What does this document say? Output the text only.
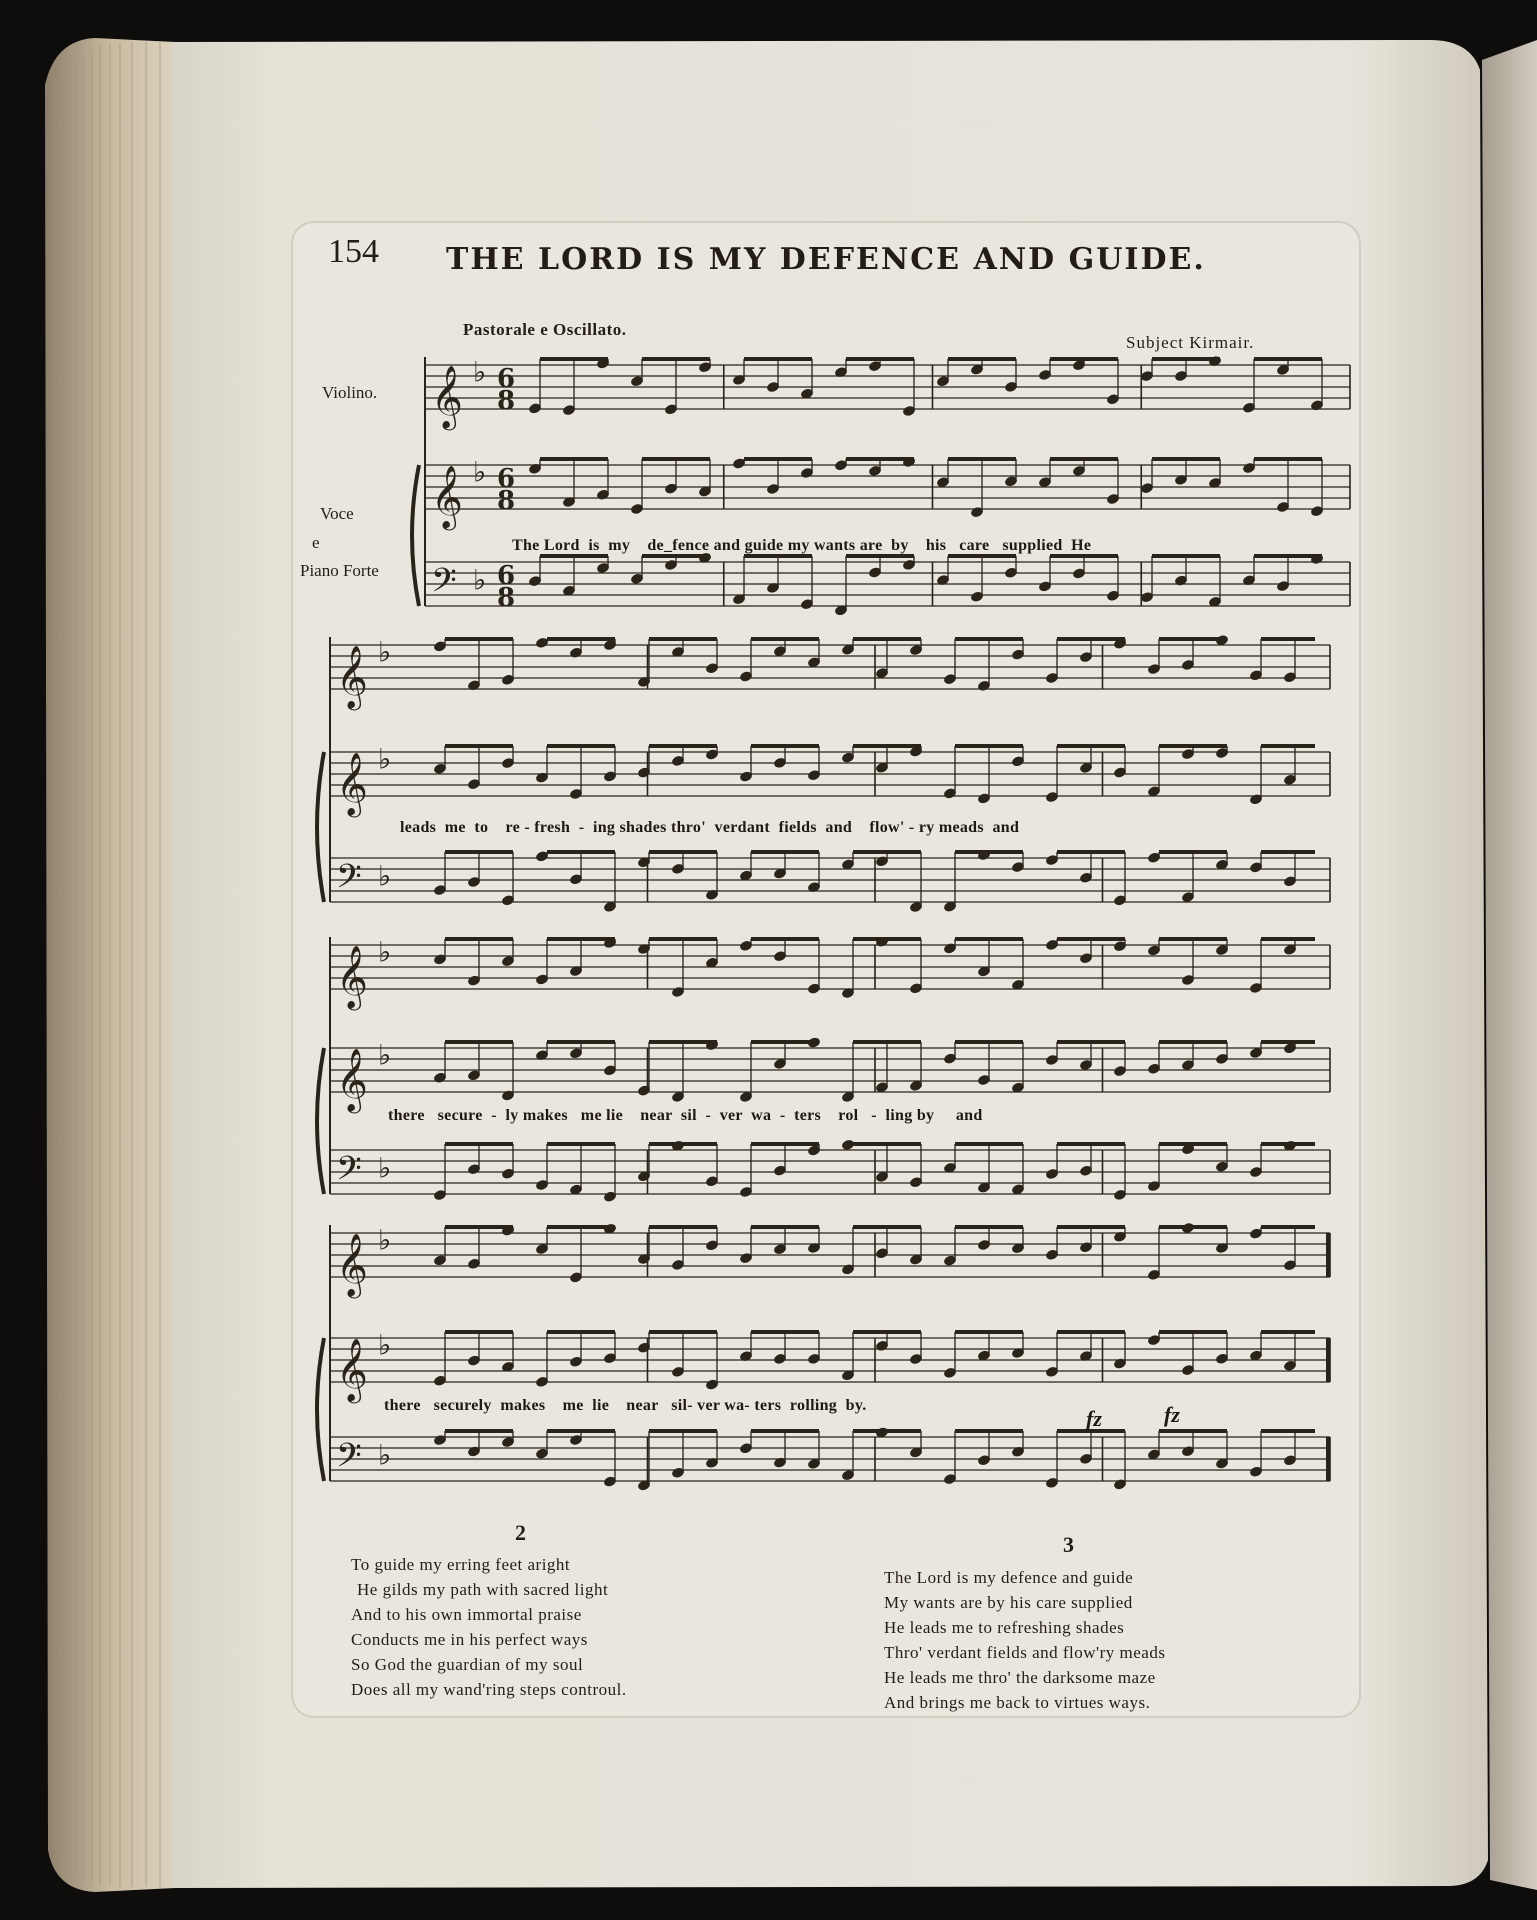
𝄞 ♭
𝄞 ♭
𝄢 ♭
6
8
6
8
6
8
𝄞 ♭
𝄞 ♭
𝄢 ♭
𝄞 ♭
𝄞 ♭
𝄢 ♭
𝄞 ♭
𝄞 ♭
𝄢 ♭
154 THE LORD IS MY DEFENCE AND GUIDE.
Pastorale e Oscillato.
Subject Kirmair.
Violino.
Voce
e
Piano Forte
The Lord  is  my    de_fence and guide my wants are  by    his   care   supplied  He
leads  me  to    re - fresh  -  ing shades thro'  verdant  fields  and    flow' - ry meads  and
there   secure  -  ly makes   me lie    near  sil  -  ver  wa  -  ters    rol   -  ling by     and
there   securely  makes    me  lie    near   sil- ver wa- ters  rolling  by.
fz	fz
2
To guide my erring feet aright
He gilds my path with sacred light
And to his own immortal praise
Conducts me in his perfect ways
So God the guardian of my soul
Does all my wand'ring steps controul.
3
The Lord is my defence and guide
My wants are by his care supplied
He leads me to refreshing shades
Thro' verdant fields and flow'ry meads
He leads me thro' the darksome maze
And brings me back to virtues ways.
